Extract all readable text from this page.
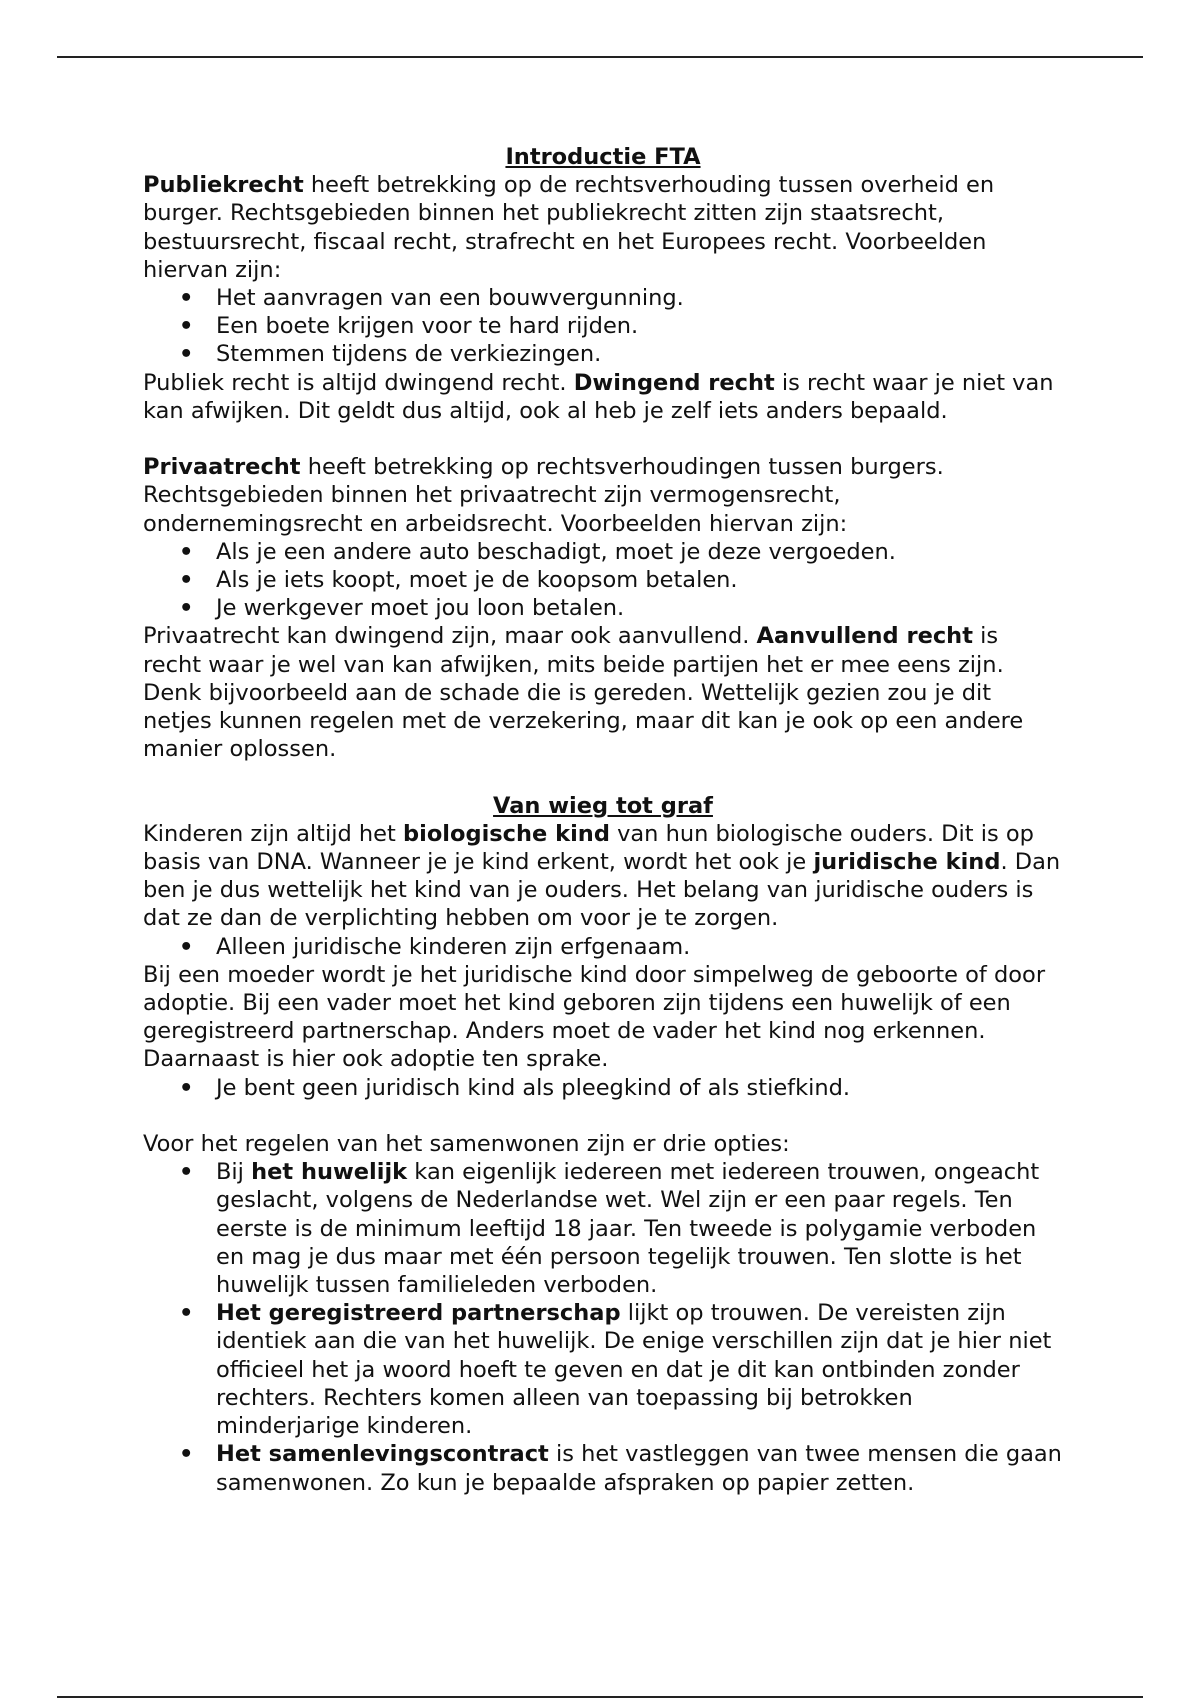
Introductie FTA

Publiekrecht heeft betrekking op de rechtsverhouding tussen overheid en burger. Rechtsgebieden binnen het publiekrecht zitten zijn staatsrecht, bestuursrecht, fiscaal recht, strafrecht en het Europees recht. Voorbeelden hiervan zijn:

• Het aanvragen van een bouwvergunning.
• Een boete krijgen voor te hard rijden.
• Stemmen tijdens de verkiezingen.

Publiek recht is altijd dwingend recht. Dwingend recht is recht waar je niet van kan afwijken. Dit geldt dus altijd, ook al heb je zelf iets anders bepaald.

Privaatrecht heeft betrekking op rechtsverhoudingen tussen burgers. Rechtsgebieden binnen het privaatrecht zijn vermogensrecht, ondernemingsrecht en arbeidsrecht. Voorbeelden hiervan zijn:

• Als je een andere auto beschadigt, moet je deze vergoeden.
• Als je iets koopt, moet je de koopsom betalen.
• Je werkgever moet jou loon betalen.

Privaatrecht kan dwingend zijn, maar ook aanvullend. Aanvullend recht is recht waar je wel van kan afwijken, mits beide partijen het er mee eens zijn. Denk bijvoorbeeld aan de schade die is gereden. Wettelijk gezien zou je dit netjes kunnen regelen met de verzekering, maar dit kan je ook op een andere manier oplossen.

Van wieg tot graf

Kinderen zijn altijd het biologische kind van hun biologische ouders. Dit is op basis van DNA. Wanneer je je kind erkent, wordt het ook je juridische kind. Dan ben je dus wettelijk het kind van je ouders. Het belang van juridische ouders is dat ze dan de verplichting hebben om voor je te zorgen.

• Alleen juridische kinderen zijn erfgenaam.

Bij een moeder wordt je het juridische kind door simpelweg de geboorte of door adoptie. Bij een vader moet het kind geboren zijn tijdens een huwelijk of een geregistreerd partnerschap. Anders moet de vader het kind nog erkennen. Daarnaast is hier ook adoptie ten sprake.

• Je bent geen juridisch kind als pleegkind of als stiefkind.

Voor het regelen van het samenwonen zijn er drie opties:

• Bij het huwelijk kan eigenlijk iedereen met iedereen trouwen, ongeacht geslacht, volgens de Nederlandse wet. Wel zijn er een paar regels. Ten eerste is de minimum leeftijd 18 jaar. Ten tweede is polygamie verboden en mag je dus maar met één persoon tegelijk trouwen. Ten slotte is het huwelijk tussen familieleden verboden.
• Het geregistreerd partnerschap lijkt op trouwen. De vereisten zijn identiek aan die van het huwelijk. De enige verschillen zijn dat je hier niet officieel het ja woord hoeft te geven en dat je dit kan ontbinden zonder rechters. Rechters komen alleen van toepassing bij betrokken minderjarige kinderen.
• Het samenlevingscontract is het vastleggen van twee mensen die gaan samenwonen. Zo kun je bepaalde afspraken op papier zetten.
